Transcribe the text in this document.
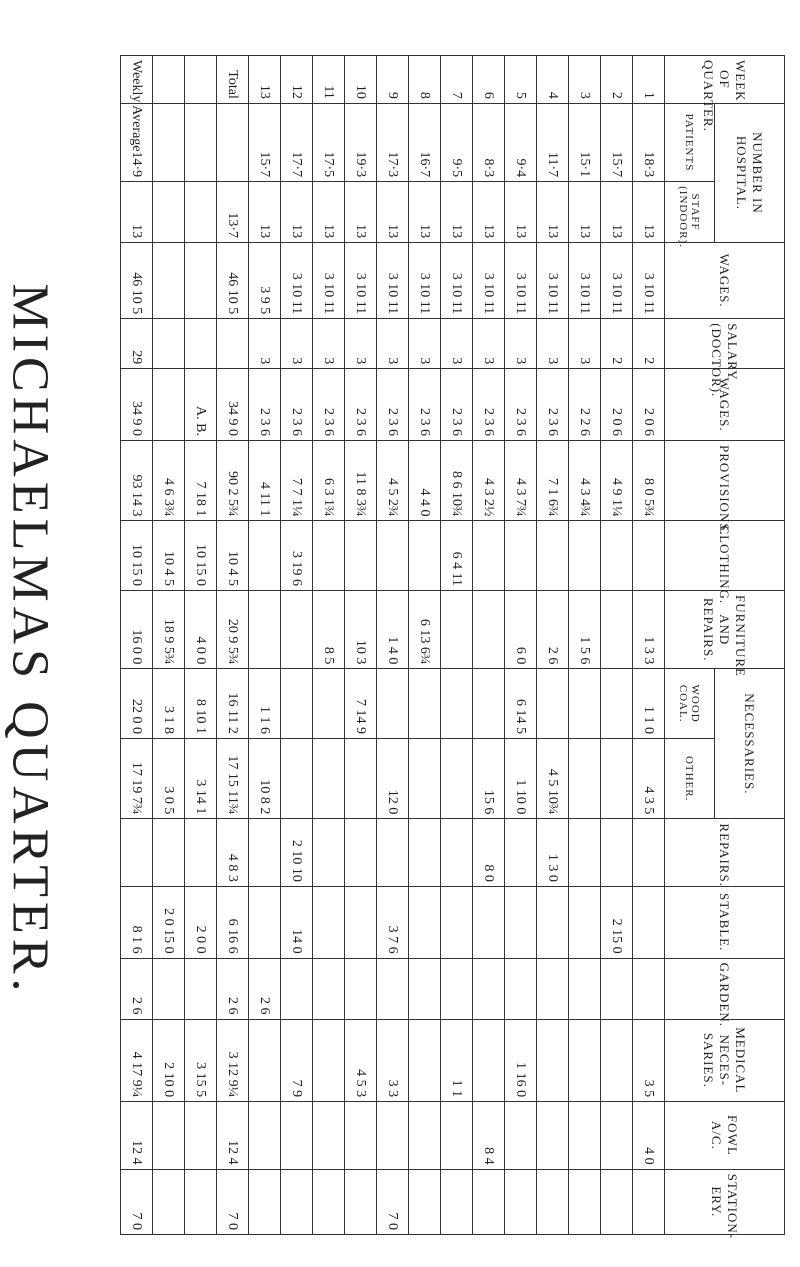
MICHAELMAS QUARTER.
WEEK OF QUARTER.	NUMBER IN HOSPITAL.		WAGES.	SALARY (DOCTOR).	WAGES.	PROVISIONS.	CLOTHING.	FURNITURE AND REPAIRS.	NECESSARIES.		REPAIRS.	STABLE.	GARDEN.	MEDICAL NECES-SARIES.	FOWL A/C.	STATION-ERY.
	PATIENTS	STAFF (INDOOR).							WOOD COAL.	OTHER.						
1	18·3	13	3 10 11	2	2 0 6	8 0 5¾		1 3 3	1 1 0	4 3 5				3 5	4 0	
2	15·7	13	3 10 11	2	2 0 6	4 9 1¼						2 15 0				
3	15·1	13	3 10 11	3	2 2 6	4 3 4¾		1 5 6								
4	11·7	13	3 10 11	3	2 3 6	7 1 6¾		2 6		4 5 10¾	1 3 0					
5	9·4	13	3 10 11	3	2 3 6	4 3 7¾		6 0	6 14 5	1 10 0				1 16 0		
6	8·3	13	3 10 11	3	2 3 6	4 3 2½				15 6	8 0				8 4	
7	9·5	13	3 10 11	3	2 3 6	8 6 10¾	6 4 11							1 1		
8	16·7	13	3 10 11	3	2 3 6	4 4 0		6 13 6¾								
9	17·3	13	3 10 11	3	2 3 6	4 5 2¾		1 4 0		12 0		3 7 6		3 3		7 0
10	19·3	13	3 10 11	3	2 3 6	11 8 3¾		10 3	7 14 9					4 5 3		
11	17·5	13	3 10 11	3	2 3 6	6 3 1¾		8 5								
12	17·7	13	3 10 11	3	2 3 6	7 7 1¼	3 19 6				2 10 10	14 0		7 9		
13	15·7	13	3 9 5	3	2 3 6	4 11 1			1 1 6	10 8 2			2 6			
Total		13·7	46 10 5		34 9 0	90 2 5¾	10 4 5	20 9 5¾	16 11 2	17 15 11¾	4 8 3	6 16 6	2 6	3 12 9¼	12 4	7 0
					A. B.	7 18 1	10 15 0	4 0 0	8 10 1	3 14 1		2 0 0		3 15 5		
						4 6 3¾	10 4 5	18 9 5¾	3 1 8	3 0 5		2 0 15 0		2 10 0		
Weekly Average	14·9	13	46 10 5	29	34 9 0	93 14 3	10 15 0	16 0 0	22 0 0	17 19 7¾		8 1 6	2 6	4 17 9¼	12 4	7 0
